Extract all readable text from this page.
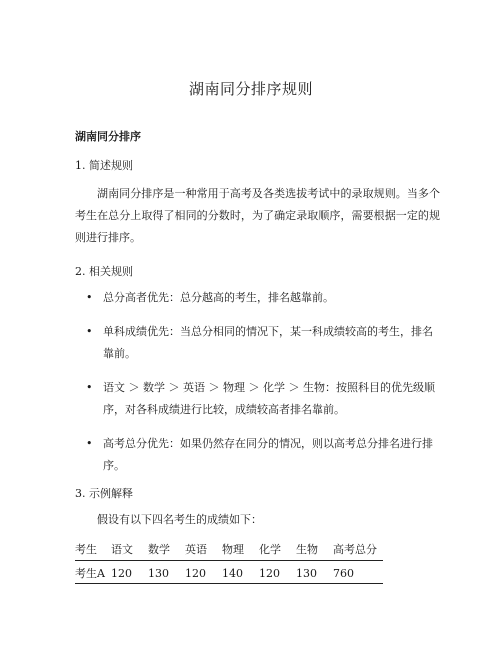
湖南同分排序规则
湖南同分排序
1. 简述规则
湖南同分排序是一种常用于高考及各类选拔考试中的录取规则。当多个考生在总分上取得了相同的分数时，为了确定录取顺序，需要根据一定的规则进行排序。
2. 相关规则
• 总分高者优先：总分越高的考生，排名越靠前。
• 单科成绩优先：当总分相同的情况下，某一科成绩较高的考生，排名靠前。
• 语文 ＞ 数学 ＞ 英语 ＞ 物理 ＞ 化学 ＞ 生物：按照科目的优先级顺序，对各科成绩进行比较，成绩较高者排名靠前。
• 高考总分优先：如果仍然存在同分的情况，则以高考总分排名进行排序。
3. 示例解释
假设有以下四名考生的成绩如下：
考生	语文	数学	英语	物理	化学	生物	高考总分
考生A	120	130	120	140	120	130	760
